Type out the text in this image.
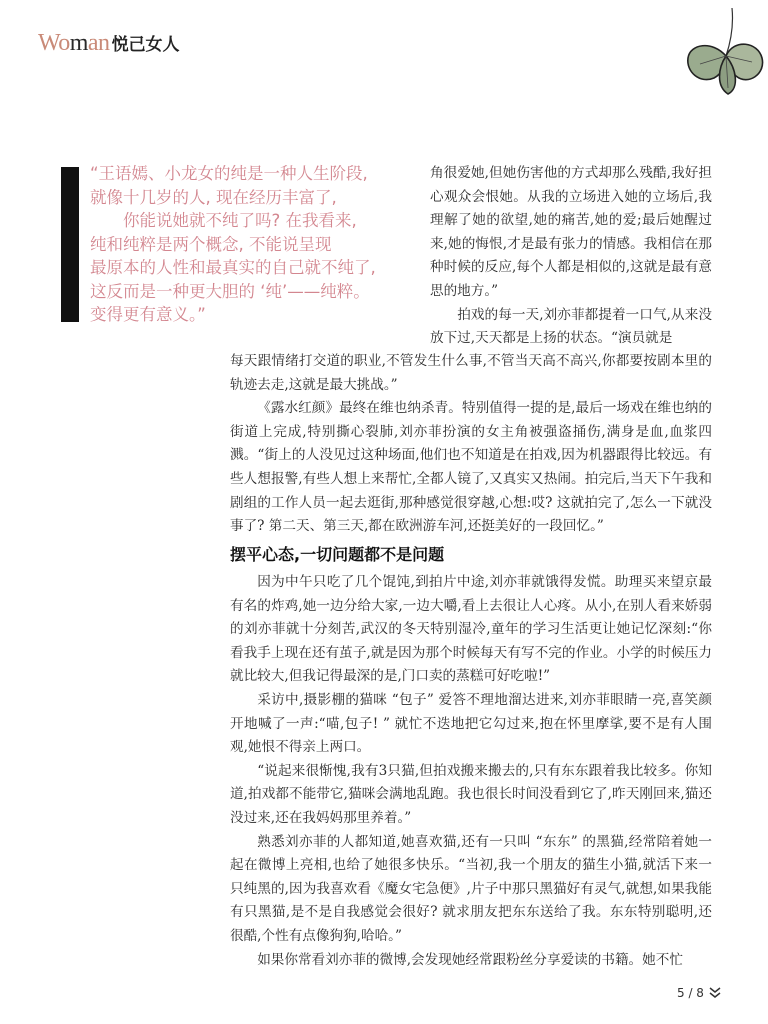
Woman 悦己女人
“王语嫣、小龙女的纯是一种人生阶段,
就像十几岁的人, 现在经历丰富了,
　　你能说她就不纯了吗? 在我看来,
纯和纯粹是两个概念, 不能说呈现
最原本的人性和最真实的自己就不纯了,
这反而是一种更大胆的 ‘纯’——纯粹。
变得更有意义。”

角很爱她,但她伤害他的方式却那么残酷,我好担心观众会恨她。从我的立场进入她的立场后,我理解了她的欲望,她的痛苦,她的爱;最后她醒过来,她的悔恨,才是最有张力的情感。我相信在那种时候的反应,每个人都是相似的,这就是最有意思的地方。”

拍戏的每一天,刘亦菲都提着一口气,从来没放下过,天天都是上扬的状态。“演员就是

每天跟情绪打交道的职业,不管发生什么事,不管当天高不高兴,你都要按剧本里的轨迹去走,这就是最大挑战。”

《露水红颜》最终在维也纳杀青。特别值得一提的是,最后一场戏在维也纳的街道上完成,特别撕心裂肺,刘亦菲扮演的女主角被强盗捅伤,满身是血,血浆四溅。“街上的人没见过这种场面,他们也不知道是在拍戏,因为机器跟得比较远。有些人想报警,有些人想上来帮忙,全都人镜了,又真实又热闹。拍完后,当天下午我和剧组的工作人员一起去逛街,那种感觉很穿越,心想:哎? 这就拍完了,怎么一下就没事了? 第二天、第三天,都在欧洲游车河,还挺美好的一段回忆。”

摆平心态,一切问题都不是问题

因为中午只吃了几个馄饨,到拍片中途,刘亦菲就饿得发慌。助理买来望京最有名的炸鸡,她一边分给大家,一边大嚼,看上去很让人心疼。从小,在别人看来娇弱的刘亦菲就十分刻苦,武汉的冬天特别湿冷,童年的学习生活更让她记忆深刻:“你看我手上现在还有茧子,就是因为那个时候每天有写不完的作业。小学的时候压力就比较大,但我记得最深的是,门口卖的蒸糕可好吃啦!”

采访中,摄影棚的猫咪 “包子” 爱答不理地溜达进来,刘亦菲眼睛一亮,喜笑颜开地喊了一声:“喵,包子! ” 就忙不迭地把它勾过来,抱在怀里摩挲,要不是有人围观,她恨不得亲上两口。

“说起来很惭愧,我有3只猫,但拍戏搬来搬去的,只有东东跟着我比较多。你知道,拍戏都不能带它,猫咪会满地乱跑。我也很长时间没看到它了,昨天刚回来,猫还没过来,还在我妈妈那里养着。”

熟悉刘亦菲的人都知道,她喜欢猫,还有一只叫 “东东” 的黑猫,经常陪着她一起在微博上亮相,也给了她很多快乐。“当初,我一个朋友的猫生小猫,就活下来一只纯黑的,因为我喜欢看《魔女宅急便》,片子中那只黑猫好有灵气,就想,如果我能有只黑猫,是不是自我感觉会很好? 就求朋友把东东送给了我。东东特别聪明,还很酷,个性有点像狗狗,哈哈。”

如果你常看刘亦菲的微博,会发现她经常跟粉丝分享爱读的书籍。她不忙

5 / 8
